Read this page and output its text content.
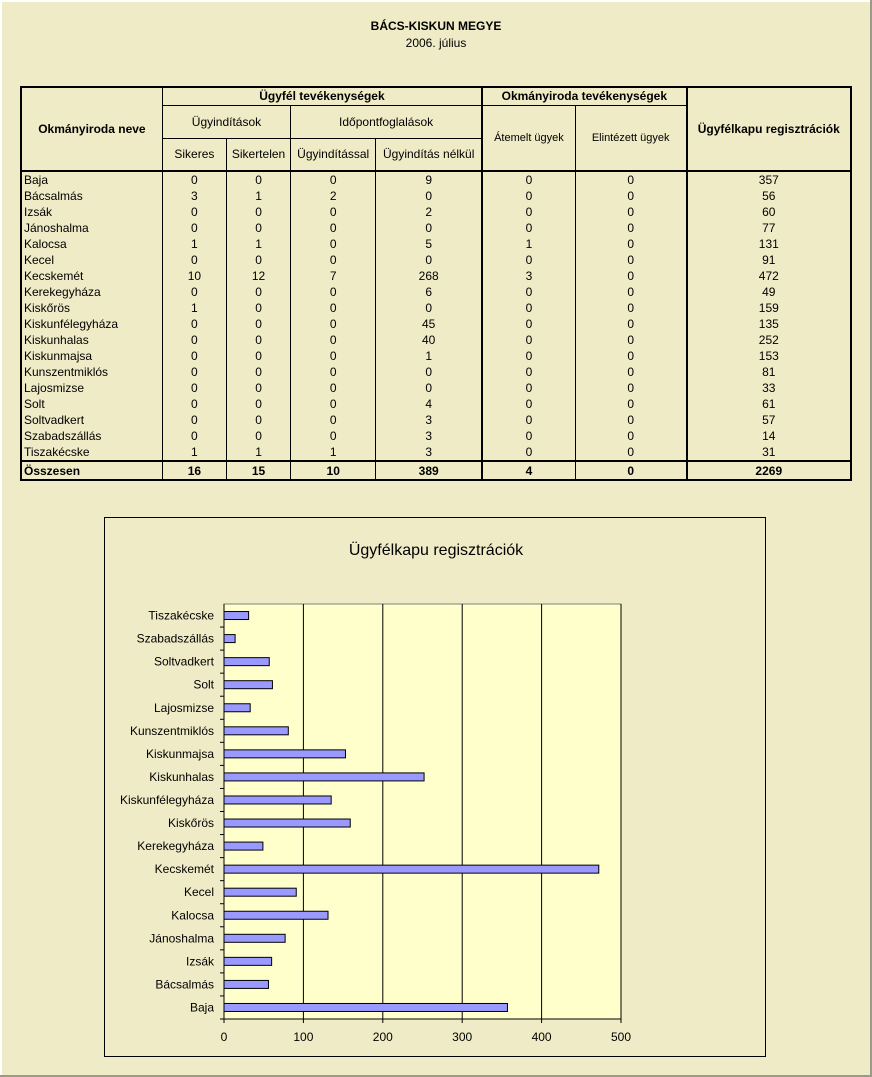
BÁCS-KISKUN MEGYE
2006. július
Okmányiroda neve	Ügyfél tevékenységek				Okmányiroda tevékenységek		Ügyfélkapu regisztrációk
	Ügyindítások		Időpontfoglalások		Átemelt ügyek	Elintézett ügyek	
	Sikeres	Sikertelen	Ügyindítással	Ügyindítás nélkül			
Baja	0	0	0	9	0	0	357
Bácsalmás	3	1	2	0	0	0	56
Izsák	0	0	0	2	0	0	60
Jánoshalma	0	0	0	0	0	0	77
Kalocsa	1	1	0	5	1	0	131
Kecel	0	0	0	0	0	0	91
Kecskemét	10	12	7	268	3	0	472
Kerekegyháza	0	0	0	6	0	0	49
Kiskőrös	1	0	0	0	0	0	159
Kiskunfélegyháza	0	0	0	45	0	0	135
Kiskunhalas	0	0	0	40	0	0	252
Kiskunmajsa	0	0	0	1	0	0	153
Kunszentmiklós	0	0	0	0	0	0	81
Lajosmizse	0	0	0	0	0	0	33
Solt	0	0	0	4	0	0	61
Soltvadkert	0	0	0	3	0	0	57
Szabadszállás	0	0	0	3	0	0	14
Tiszakécske	1	1	1	3	0	0	31
Összesen	16	15	10	389	4	0	2269
Ügyfélkapu regisztrációk
0	100	200	300	400	500
Baja
Bácsalmás
Izsák
Jánoshalma
Kalocsa
Kecel
Kecskemét
Kerekegyháza
Kiskőrös
Kiskunfélegyháza
Kiskunhalas
Kiskunmajsa
Kunszentmiklós
Lajosmizse
Solt
Soltvadkert
Szabadszállás
Tiszakécske
